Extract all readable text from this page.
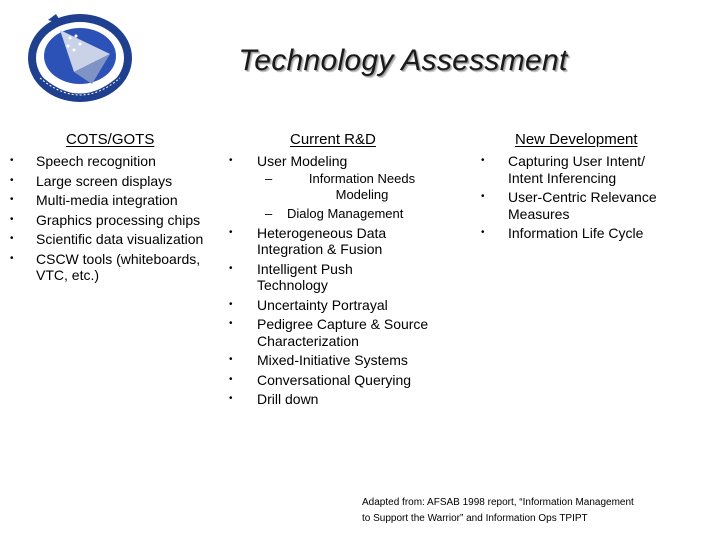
Technology Assessment
COTS/GOTS	Current R&D	New Development
• Speech recognition
• Large screen displays
• Multi-media integration
• Graphics processing chips
• Scientific data visualization
• CSCW tools (whiteboards, VTC, etc.)
• User Modeling
–	Information Needs Modeling
– Dialog Management
• Heterogeneous Data Integration & Fusion
• Intelligent Push Technology
• Uncertainty Portrayal
• Pedigree Capture & Source Characterization
• Mixed-Initiative Systems
• Conversational Querying
• Drill down
• Capturing User Intent/ Intent Inferencing
• User-Centric Relevance Measures
• Information Life Cycle
Adapted from: AFSAB 1998 report, “Information Management
to Support the Warrior” and Information Ops TPIPT
